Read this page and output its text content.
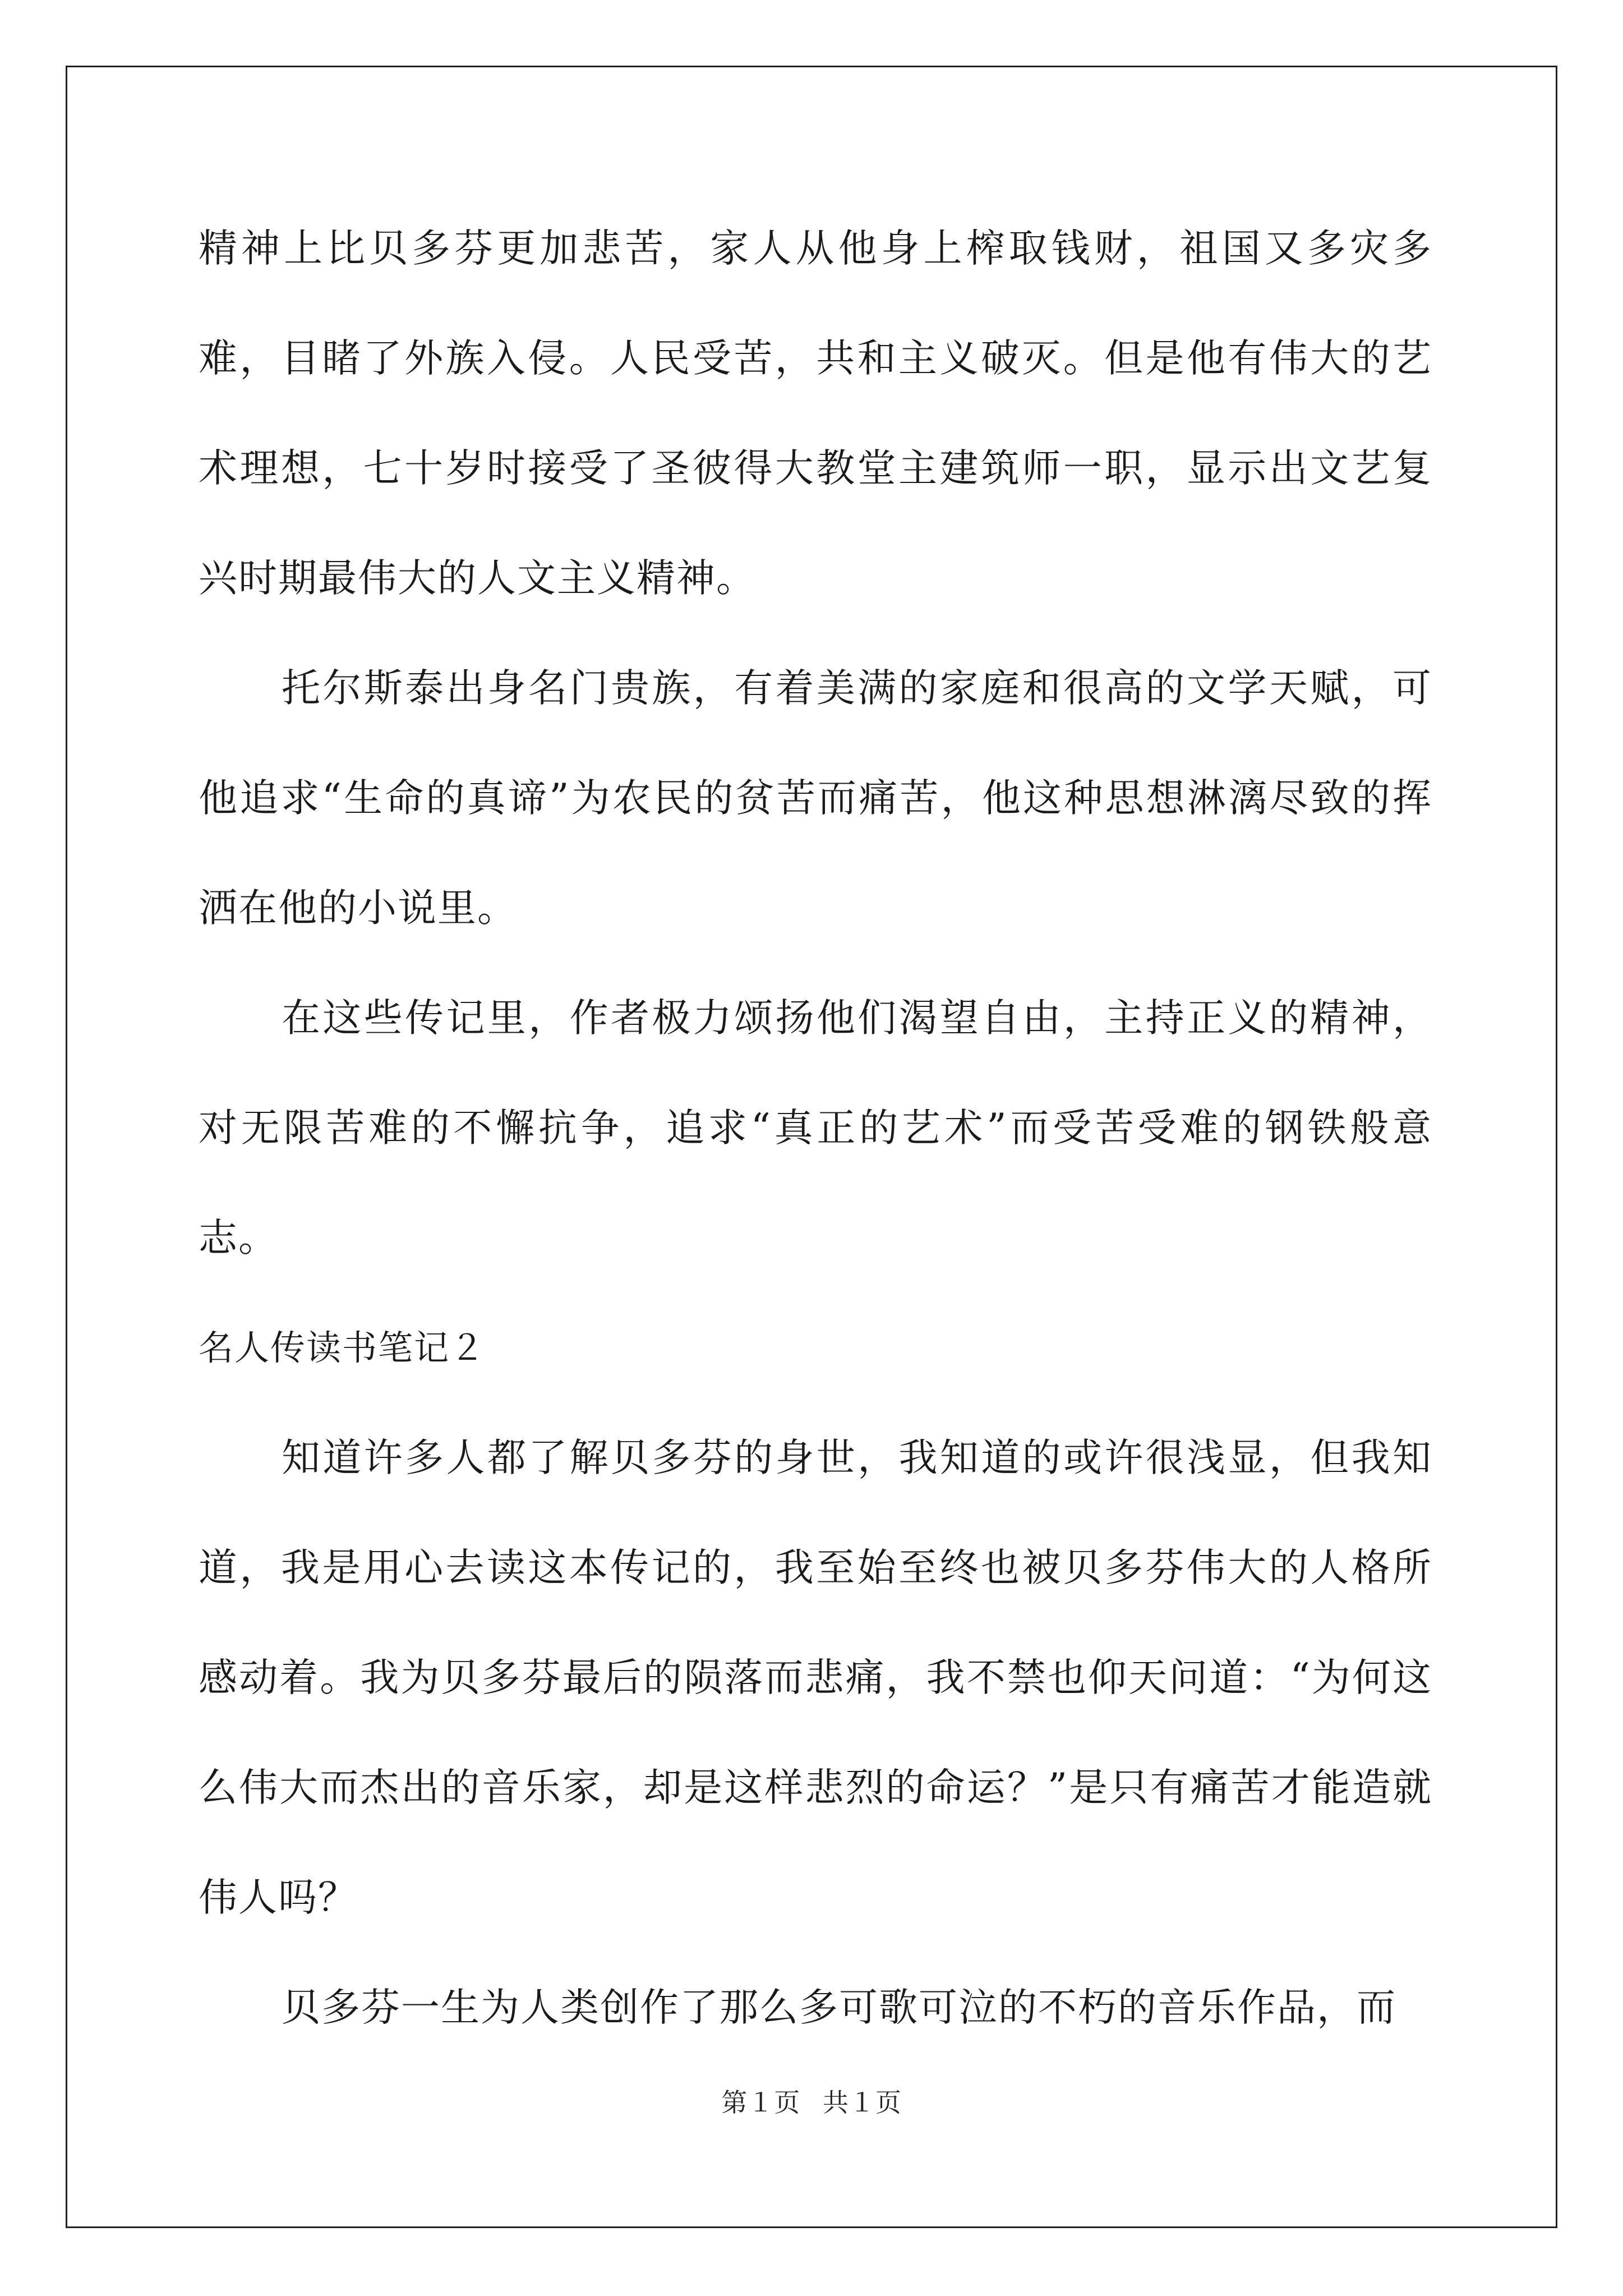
精神上比贝多芬更加悲苦，家人从他身上榨取钱财，祖国又多灾多难，目睹了外族入侵。人民受苦，共和主义破灭。但是他有伟大的艺术理想，七十岁时接受了圣彼得大教堂主建筑师一职，显示出文艺复兴时期最伟大的人文主义精神。

托尔斯泰出身名门贵族，有着美满的家庭和很高的文学天赋，可他追求“生命的真谛”为农民的贫苦而痛苦，他这种思想淋漓尽致的挥洒在他的小说里。

在这些传记里，作者极力颂扬他们渴望自由，主持正义的精神，对无限苦难的不懈抗争，追求“真正的艺术”而受苦受难的钢铁般意志。

名人传读书笔记２

知道许多人都了解贝多芬的身世，我知道的或许很浅显，但我知道，我是用心去读这本传记的，我至始至终也被贝多芬伟大的人格所感动着。我为贝多芬最后的陨落而悲痛，我不禁也仰天问道：“为何这么伟大而杰出的音乐家，却是这样悲烈的命运？”是只有痛苦才能造就伟人吗？

贝多芬一生为人类创作了那么多可歌可泣的不朽的音乐作品，而

第１页 共１页
